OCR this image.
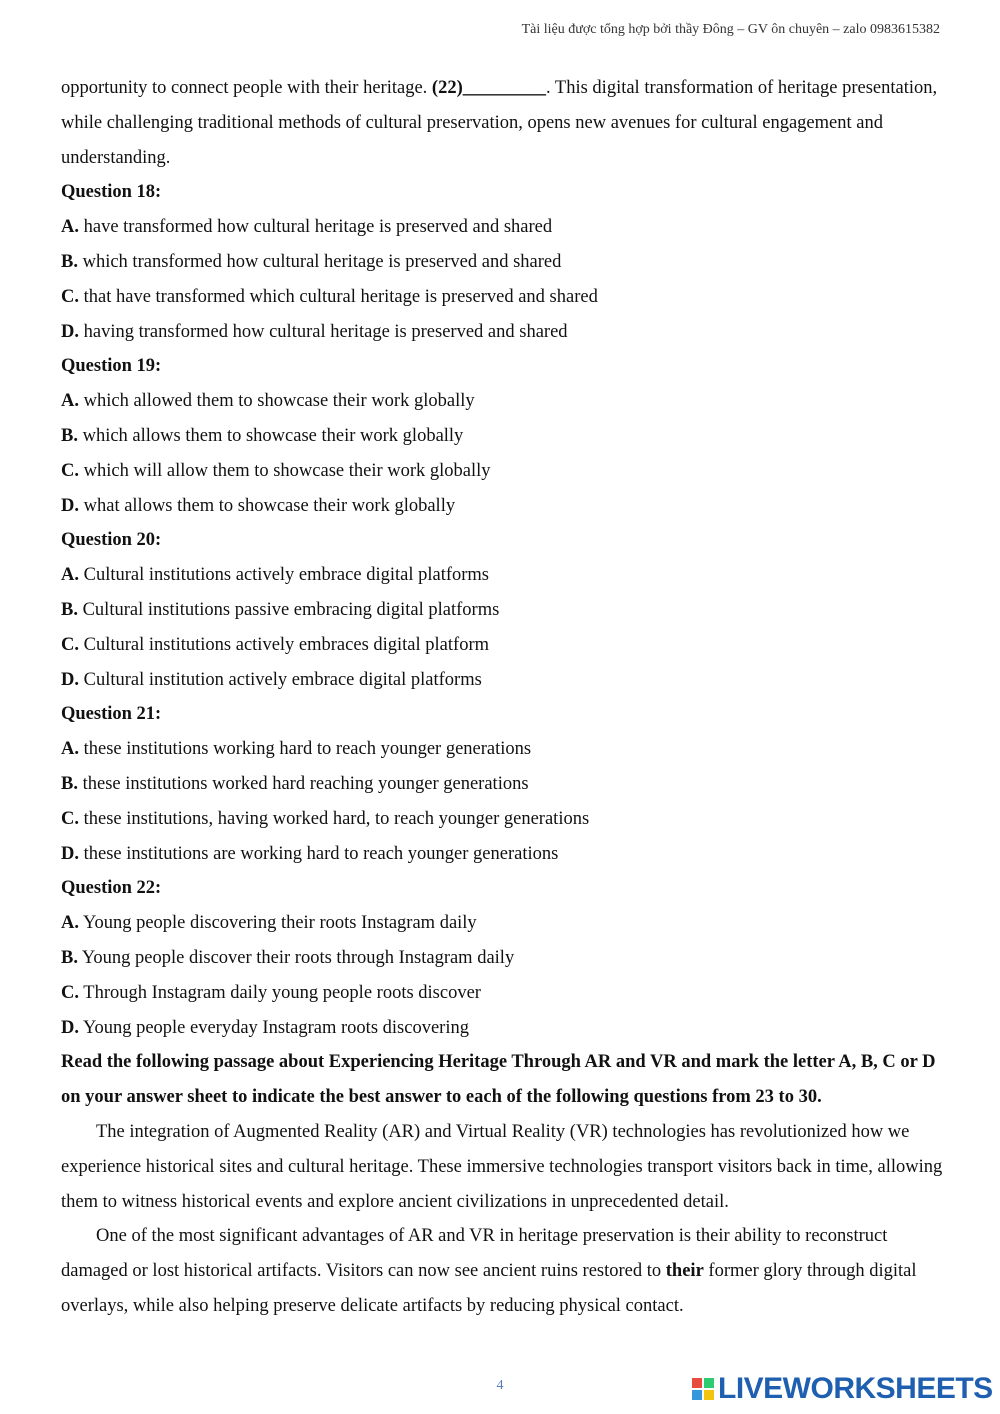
Tài liệu được tổng hợp bởi thầy Đông – GV ôn chuyên – zalo 0983615382

opportunity to connect people with their heritage. (22)_________. This digital transformation of heritage presentation, while challenging traditional methods of cultural preservation, opens new avenues for cultural engagement and understanding.

Question 18:

A. have transformed how cultural heritage is preserved and shared

B. which transformed how cultural heritage is preserved and shared

C. that have transformed which cultural heritage is preserved and shared

D. having transformed how cultural heritage is preserved and shared

Question 19:

A. which allowed them to showcase their work globally

B. which allows them to showcase their work globally

C. which will allow them to showcase their work globally

D. what allows them to showcase their work globally

Question 20:

A. Cultural institutions actively embrace digital platforms

B. Cultural institutions passive embracing digital platforms

C. Cultural institutions actively embraces digital platform

D. Cultural institution actively embrace digital platforms

Question 21:

A. these institutions working hard to reach younger generations

B. these institutions worked hard reaching younger generations

C. these institutions, having worked hard, to reach younger generations

D. these institutions are working hard to reach younger generations

Question 22:

A. Young people discovering their roots Instagram daily

B. Young people discover their roots through Instagram daily

C. Through Instagram daily young people roots discover

D. Young people everyday Instagram roots discovering

Read the following passage about Experiencing Heritage Through AR and VR and mark the letter A, B, C or D on your answer sheet to indicate the best answer to each of the following questions from 23 to 30.

The integration of Augmented Reality (AR) and Virtual Reality (VR) technologies has revolutionized how we experience historical sites and cultural heritage. These immersive technologies transport visitors back in time, allowing them to witness historical events and explore ancient civilizations in unprecedented detail.

One of the most significant advantages of AR and VR in heritage preservation is their ability to reconstruct damaged or lost historical artifacts. Visitors can now see ancient ruins restored to their former glory through digital overlays, while also helping preserve delicate artifacts by reducing physical contact.

4	LIVEWORKSHEETS
